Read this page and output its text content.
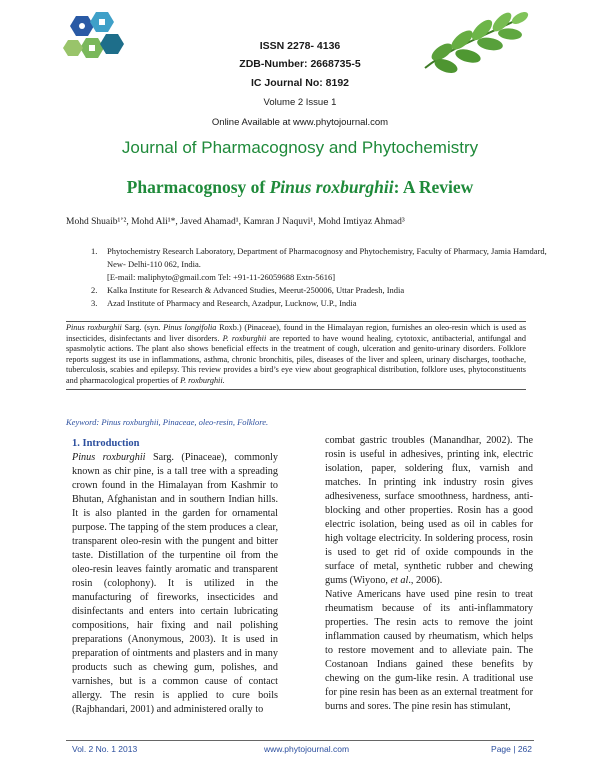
ISSN 2278- 4136
ZDB-Number: 2668735-5
IC Journal No: 8192
Volume 2 Issue 1
Online Available at www.phytojournal.com
Journal of Pharmacognosy and Phytochemistry
Pharmacognosy of Pinus roxburghii: A Review
Mohd Shuaib¹ʼ², Mohd Ali¹*, Javed Ahamad¹, Kamran J Naquvi¹, Mohd Imtiyaz Ahmad³
1. Phytochemistry Research Laboratory, Department of Pharmacognosy and Phytochemistry, Faculty of Pharmacy, Jamia Hamdard, New- Delhi-110 062, India.
[E-mail: maliphyto@gmail.com Tel: +91-11-26059688 Extn-5616]
2. Kalka Institute for Research & Advanced Studies, Meerut-250006, Uttar Pradesh, India
3. Azad Institute of Pharmacy and Research, Azadpur, Lucknow, U.P., India
Pinus roxburghii Sarg. (syn. Pinus longifolia Roxb.) (Pinaceae), found in the Himalayan region, furnishes an oleo-resin which is used as insecticides, disinfectants and liver disorders. P. roxburghii are reported to have wound healing, cytotoxic, antibacterial, antifungal and spasmolytic actions. The plant also shows beneficial effects in the treatment of cough, ulceration and genito-urinary disorders. Folklore reports suggest its use in inflammations, asthma, chronic bronchitis, piles, diseases of the liver and spleen, urinary discharges, toothache, tuberculosis, scabies and epilepsy. This review provides a bird’s eye view about geographical distribution, folklore uses, phytoconstituents and pharmacological properties of P. roxburghii.
Keyword: Pinus roxburghii, Pinaceae, oleo-resin, Folklore.
1. Introduction

Pinus roxburghii Sarg. (Pinaceae), commonly known as chir pine, is a tall tree with a spreading crown found in the Himalayan from Kashmir to Bhutan, Afghanistan and in southern Indian hills. It is also planted in the garden for ornamental purpose. The tapping of the stem produces a clear, transparent oleo-resin with the pungent and bitter taste. Distillation of the turpentine oil from the oleo-resin leaves faintly aromatic and transparent rosin (colophony). It is utilized in the manufacturing of fireworks, insecticides and disinfectants and enters into certain lubricating compositions, hair fixing and nail polishing preparations (Anonymous, 2003). It is used in preparation of ointments and plasters and in many products such as chewing gum, polishes, and varnishes, but is a common cause of contact allergy. The resin is applied to cure boils (Rajbhandari, 2001) and administered orally to

combat gastric troubles (Manandhar, 2002). The rosin is useful in adhesives, printing ink, electric isolation, paper, soldering flux, varnish and matches. In printing ink industry rosin gives adhesiveness, surface smoothness, hardness, anti-blocking and other properties. Rosin has a good electric isolation, being used as oil in cables for high voltage electricity. In soldering process, rosin is used to get rid of oxide compounds in the surface of metal, synthetic rubber and chewing gums (Wiyono, et al., 2006).

Native Americans have used pine resin to treat rheumatism because of its anti-inflammatory properties. The resin acts to remove the joint inflammation caused by rheumatism, which helps to restore movement and to alleviate pain. The Costanoan Indians gained these benefits by chewing on the gum-like resin. A traditional use for pine resin has been as an external treatment for burns and sores. The pine resin has stimulant,

Vol. 2 No. 1 2013	www.phytojournal.com	Page | 262
